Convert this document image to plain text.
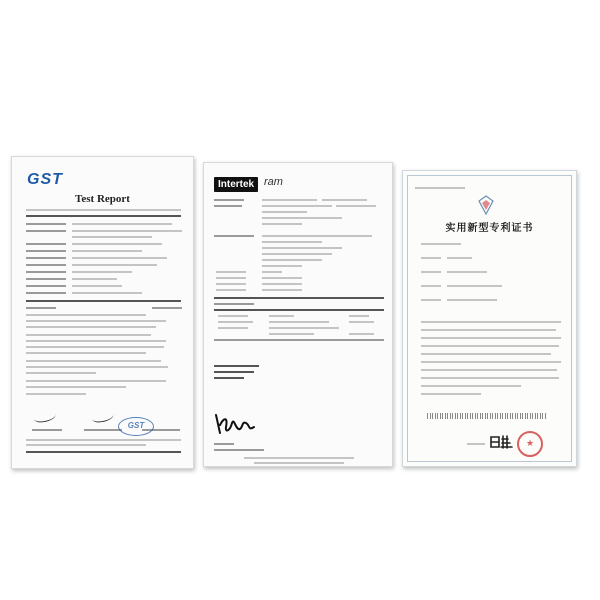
GST
Test Report
GST
Intertek ram
实用新型专利证书
★
